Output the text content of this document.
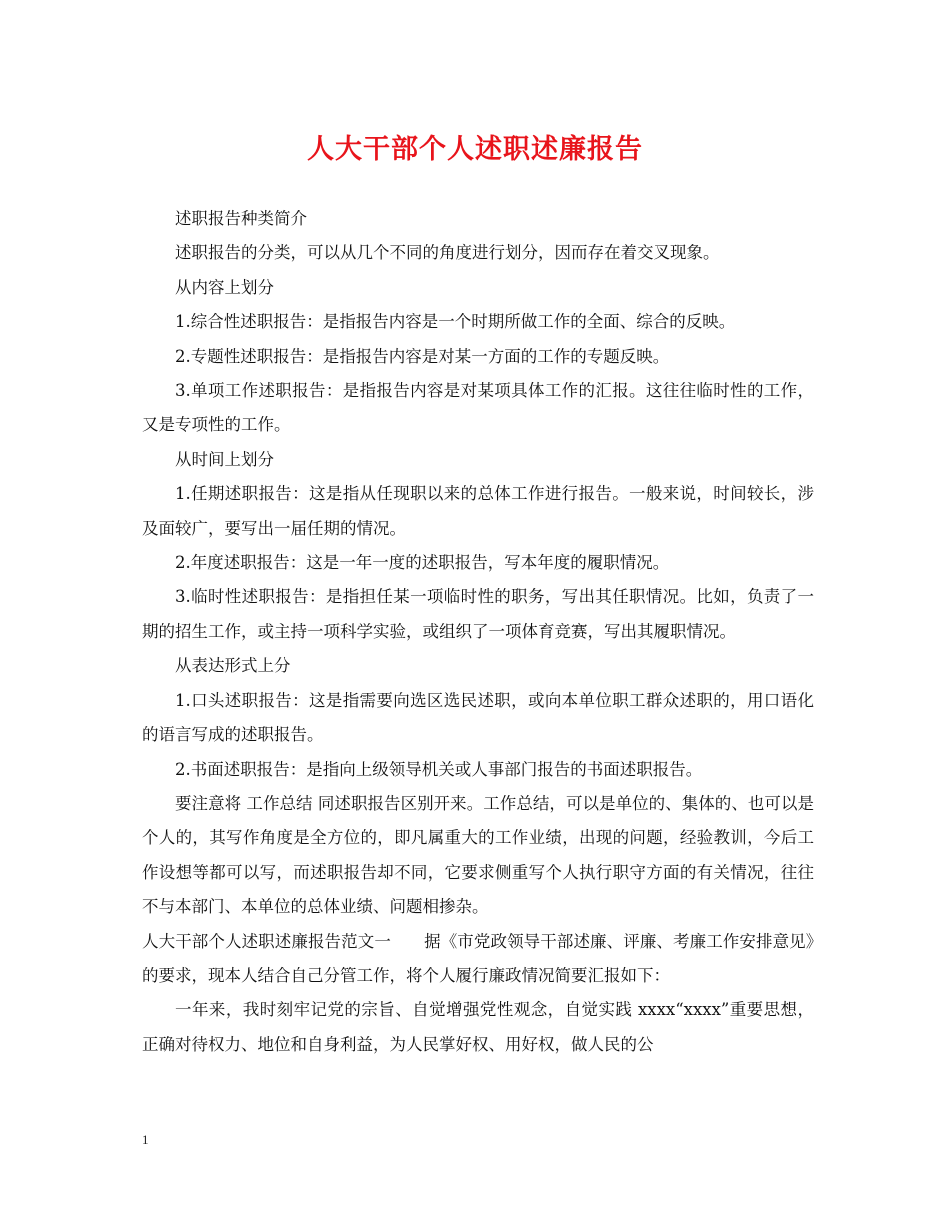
人大干部个人述职述廉报告

述职报告种类简介

述职报告的分类，可以从几个不同的角度进行划分，因而存在着交叉现象。

从内容上划分

1.综合性述职报告：是指报告内容是一个时期所做工作的全面、综合的反映。

2.专题性述职报告：是指报告内容是对某一方面的工作的专题反映。

3.单项工作述职报告：是指报告内容是对某项具体工作的汇报。这往往临时性的工作，又是专项性的工作。

从时间上划分

1.任期述职报告：这是指从任现职以来的总体工作进行报告。一般来说，时间较长，涉及面较广，要写出一届任期的情况。

2.年度述职报告：这是一年一度的述职报告，写本年度的履职情况。

3.临时性述职报告：是指担任某一项临时性的职务，写出其任职情况。比如，负责了一期的招生工作，或主持一项科学实验，或组织了一项体育竞赛，写出其履职情况。

从表达形式上分

1.口头述职报告：这是指需要向选区选民述职，或向本单位职工群众述职的，用口语化的语言写成的述职报告。

2.书面述职报告：是指向上级领导机关或人事部门报告的书面述职报告。

要注意将 工作总结 同述职报告区别开来。工作总结，可以是单位的、集体的、也可以是个人的，其写作角度是全方位的，即凡属重大的工作业绩，出现的问题，经验教训，今后工作设想等都可以写，而述职报告却不同，它要求侧重写个人执行职守方面的有关情况，往往不与本部门、本单位的总体业绩、问题相掺杂。

人大干部个人述职述廉报告范文一　　据《市党政领导干部述廉、评廉、考廉工作安排意见》的要求，现本人结合自己分管工作，将个人履行廉政情况简要汇报如下：

一年来，我时刻牢记党的宗旨、自觉增强党性观念，自觉实践 xxxx“xxxx”重要思想，正确对待权力、地位和自身利益，为人民掌好权、用好权，做人民的公

1
